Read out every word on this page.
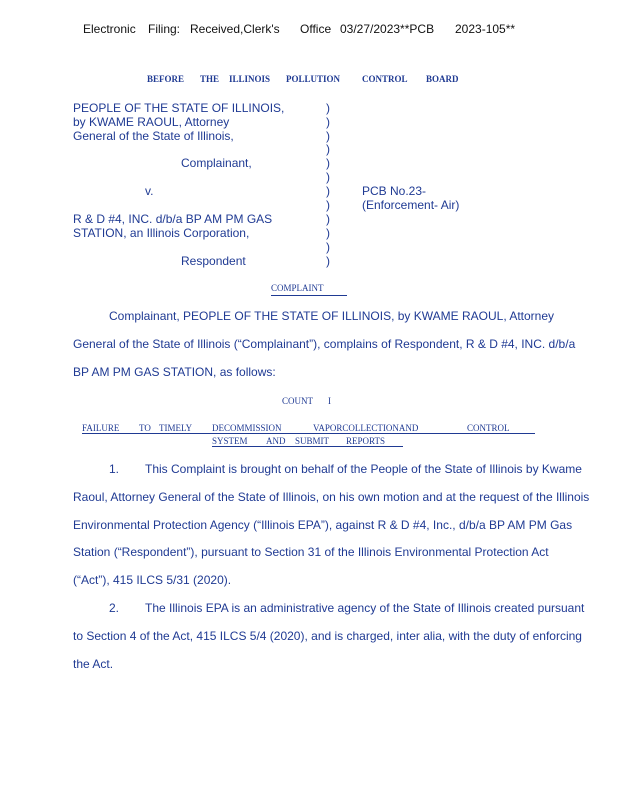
Electronic Filing: Received,Clerk's Office 03/27/2023**PCB 2023-105**
BEFORE THE ILLINOIS POLLUTION CONTROL BOARD
PEOPLE OF THE STATE OF ILLINOIS,
by KWAME RAOUL, Attorney
General of the State of Illinois,
Complainant,
v.	PCB No.23-
(Enforcement- Air)
R & D #4, INC. d/b/a BP AM PM GAS
STATION, an Illinois Corporation,
Respondent
)
)
)
)
)
)
)
)
)
)
)
)
COMPLAINT
Complainant, PEOPLE OF THE STATE OF ILLINOIS, by KWAME RAOUL, Attorney
General of the State of Illinois (“Complainant”), complains of Respondent, R & D #4, INC. d/b/a
BP AM PM GAS STATION, as follows:
COUNT I
FAILURE TO TIMELY DECOMMISSION	VAPORCOLLECTIONAND	CONTROL
SYSTEM AND SUBMIT REPORTS
1. This Complaint is brought on behalf of the People of the State of Illinois by Kwame
Raoul, Attorney General of the State of Illinois, on his own motion and at the request of the Illinois
Environmental Protection Agency (“Illinois EPA”), against R & D #4, Inc., d/b/a BP AM PM Gas
Station (“Respondent”), pursuant to Section 31 of the Illinois Environmental Protection Act
(“Act”), 415 ILCS 5/31 (2020).
2. The Illinois EPA is an administrative agency of the State of Illinois created pursuant
to Section 4 of the Act, 415 ILCS 5/4 (2020), and is charged, inter alia, with the duty of enforcing
the Act.
